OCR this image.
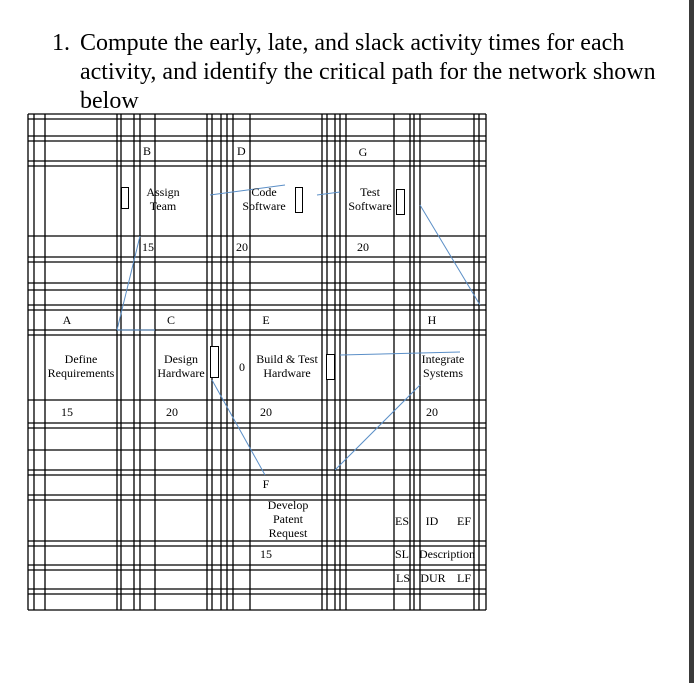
1. Compute the early, late, and slack activity times for each
activity, and identify the critical path for the network shown
below
A
Define
Requirements
15
B
Assign
Team
15
C
Design
Hardware
20
0
D
Code
Software
20
E
Build & Test
Hardware
20
F
Develop
Patent
Request
15
G
Test
Software
20
H
Integrate
Systems
20
ES ID EF
SL Description
LS DUR LF
